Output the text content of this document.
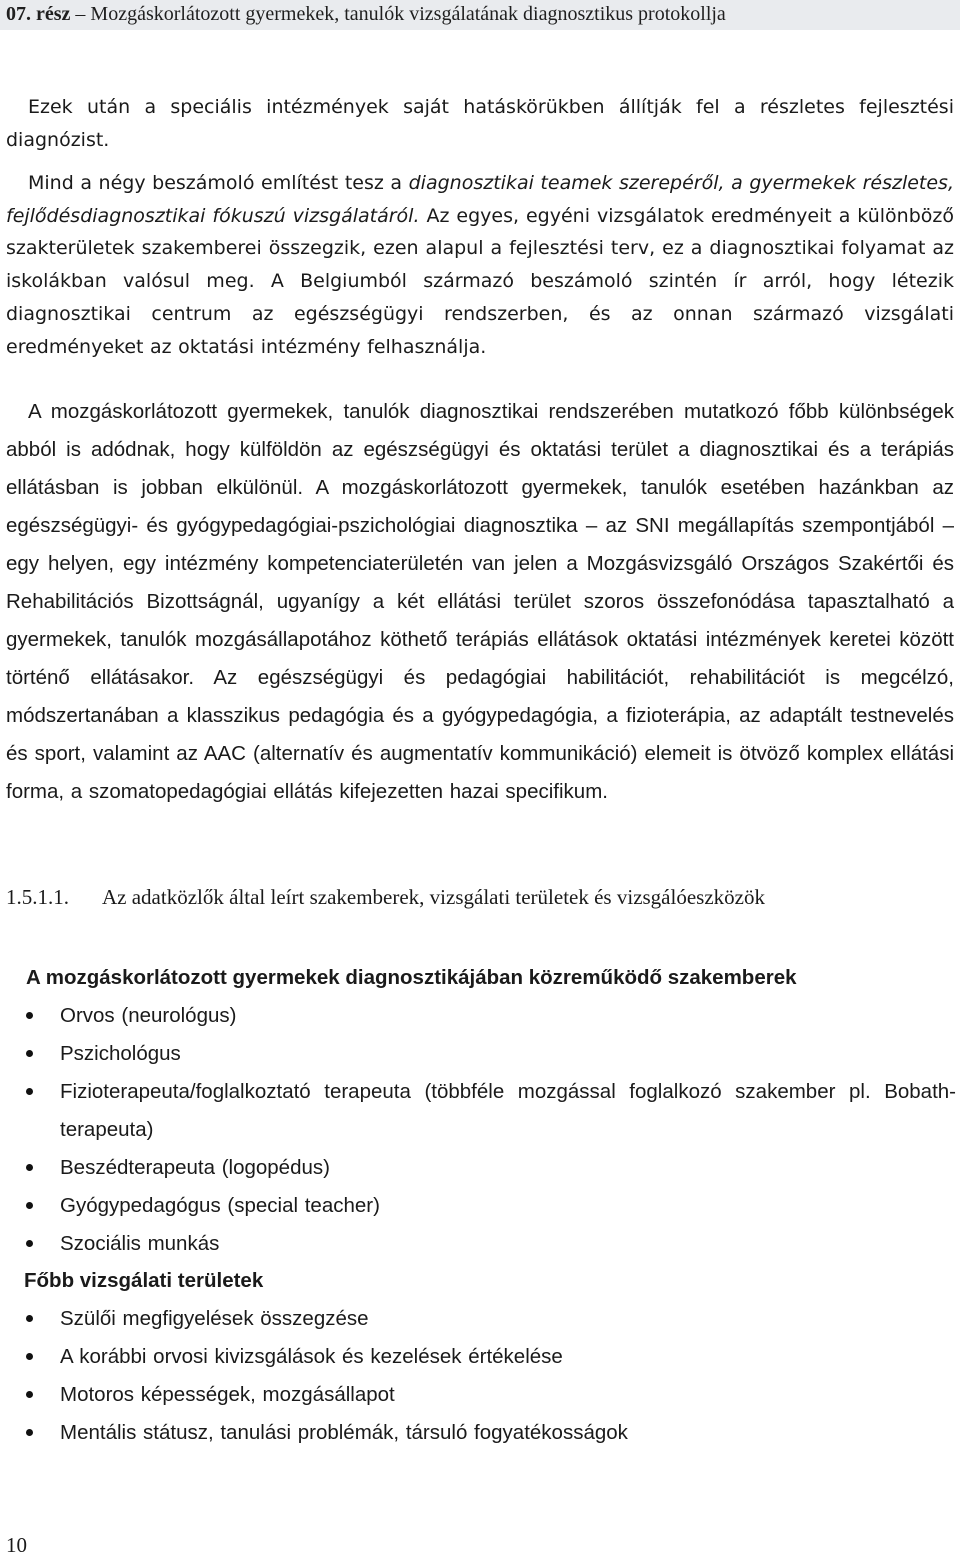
07. rész – Mozgáskorlátozott gyermekek, tanulók vizsgálatának diagnosztikus protokollja

Ezek után a speciális intézmények saját hatáskörükben állítják fel a részletes fejlesztési diagnózist.

Mind a négy beszámoló említést tesz a diagnosztikai teamek szerepéről, a gyermekek részletes, fejlődésdiagnosztikai fókuszú vizsgálatáról. Az egyes, egyéni vizsgálatok eredményeit a különböző szakterületek szakemberei összegzik, ezen alapul a fejlesztési terv, ez a diagnosztikai folyamat az iskolákban valósul meg. A Belgiumból származó beszámoló szintén ír arról, hogy létezik diagnosztikai centrum az egészségügyi rendszerben, és az onnan származó vizsgálati eredményeket az oktatási intézmény felhasználja.

A mozgáskorlátozott gyermekek, tanulók diagnosztikai rendszerében mutatkozó főbb különbségek abból is adódnak, hogy külföldön az egészségügyi és oktatási terület a diagnosztikai és a terápiás ellátásban is jobban elkülönül. A mozgáskorlátozott gyermekek, tanulók esetében hazánkban az egészségügyi- és gyógypedagógiai-pszichológiai diagnosztika – az SNI megállapítás szempontjából – egy helyen, egy intézmény kompetenciaterületén van jelen a Mozgásvizsgáló Országos Szakértői és Rehabilitációs Bizottságnál, ugyanígy a két ellátási terület szoros összefonódása tapasztalható a gyermekek, tanulók mozgásállapotához köthető terápiás ellátások oktatási intézmények keretei között történő ellátásakor. Az egészségügyi és pedagógiai habilitációt, rehabilitációt is megcélzó, módszertanában a klasszikus pedagógia és a gyógypedagógia, a fizioterápia, az adaptált testnevelés és sport, valamint az AAC (alternatív és augmentatív kommunikáció) elemeit is ötvöző komplex ellátási forma, a szomatopedagógiai ellátás kifejezetten hazai specifikum.

1.5.1.1. Az adatközlők által leírt szakemberek, vizsgálati területek és vizsgálóeszközök
A mozgáskorlátozott gyermekek diagnosztikájában közreműködő szakemberek
Orvos (neurológus)
Pszichológus
Fizioterapeuta/foglalkoztató terapeuta (többféle mozgással foglalkozó szakember pl. Bobath-terapeuta)
Beszédterapeuta (logopédus)
Gyógypedagógus (special teacher)
Szociális munkás
Főbb vizsgálati területek
Szülői megfigyelések összegzése
A korábbi orvosi kivizsgálások és kezelések értékelése
Motoros képességek, mozgásállapot
Mentális státusz, tanulási problémák, társuló fogyatékosságok
10
